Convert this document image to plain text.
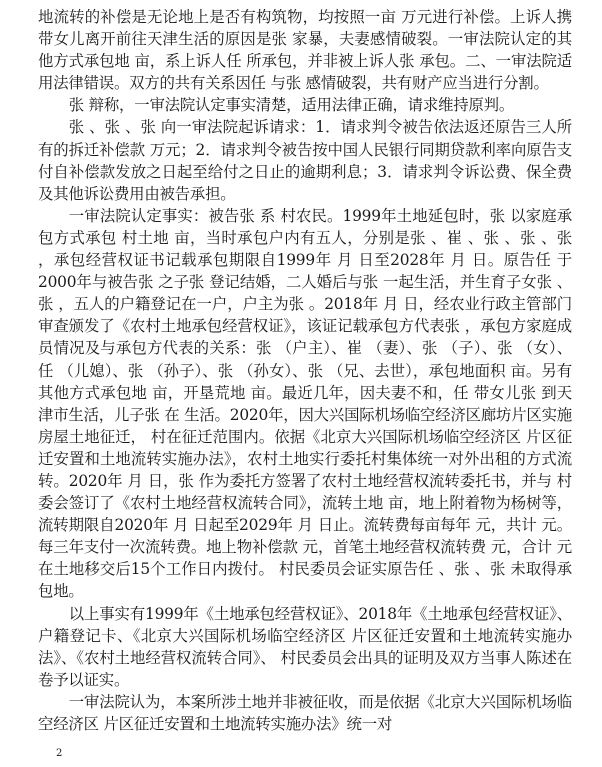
地流转的补偿是无论地上是否有构筑物，均按照一亩 万元进行补偿。上诉人携带女儿离开前往天津生活的原因是张 家暴，夫妻感情破裂。一审法院认定的其他方式承包地 亩，系上诉人任 所承包，并非被上诉人张 承包。二、一审法院适用法律错误。双方的共有关系因任 与张 感情破裂，共有财产应当进行分割。

张 辩称，一审法院认定事实清楚，适用法律正确，请求维持原判。

张 、张 、张 向一审法院起诉请求：1．请求判令被告依法返还原告三人所有的拆迁补偿款 万元；2．请求判令被告按中国人民银行同期贷款利率向原告支付自补偿款发放之日起至给付之日止的逾期利息；3．请求判令诉讼费、保全费及其他诉讼费用由被告承担。

一审法院认定事实：被告张 系 村农民。1999年土地延包时，张 以家庭承包方式承包 村土地 亩，当时承包户内有五人，分别是张 、崔 、张 、张 、张 ，承包经营权证书记载承包期限自1999年 月 日至2028年 月 日。原告任 于2000年与被告张 之子张 登记结婚，二人婚后与张 一起生活，并生育子女张 、张 ，五人的户籍登记在一户，户主为张 。2018年 月 日，经农业行政主管部门审查颁发了《农村土地承包经营权证》，该证记载承包方代表张 ，承包方家庭成员情况及与承包方代表的关系：张 （户主）、崔 （妻）、张 （子）、张 （女）、任 （儿媳）、张 （孙子）、张 （孙女）、张 （兄、去世），承包地面积 亩。另有其他方式承包地 亩，开垦荒地 亩。最近几年，因夫妻不和，任 带女儿张 到天津市生活，儿子张 在 生活。2020年，因大兴国际机场临空经济区廊坊片区实施房屋土地征迁， 村在征迁范围内。依据《北京大兴国际机场临空经济区 片区征迁安置和土地流转实施办法》，农村土地实行委托村集体统一对外出租的方式流转。2020年 月 日，张 作为委托方签署了农村土地经营权流转委托书，并与 村委会签订了《农村土地经营权流转合同》，流转土地 亩，地上附着物为杨树等，流转期限自2020年 月 日起至2029年 月 日止。流转费每亩每年 元，共计 元。每三年支付一次流转费。地上物补偿款 元，首笔土地经营权流转费 元，合计 元在土地移交后15个工作日内拨付。 村民委员会证实原告任 、张 、张 未取得承包地。

以上事实有1999年《土地承包经营权证》、2018年《土地承包经营权证》、户籍登记卡、《北京大兴国际机场临空经济区 片区征迁安置和土地流转实施办法》、《农村土地经营权流转合同》、 村民委员会出具的证明及双方当事人陈述在卷予以证实。

一审法院认为，本案所涉土地并非被征收，而是依据《北京大兴国际机场临空经济区 片区征迁安置和土地流转实施办法》统一对

2
